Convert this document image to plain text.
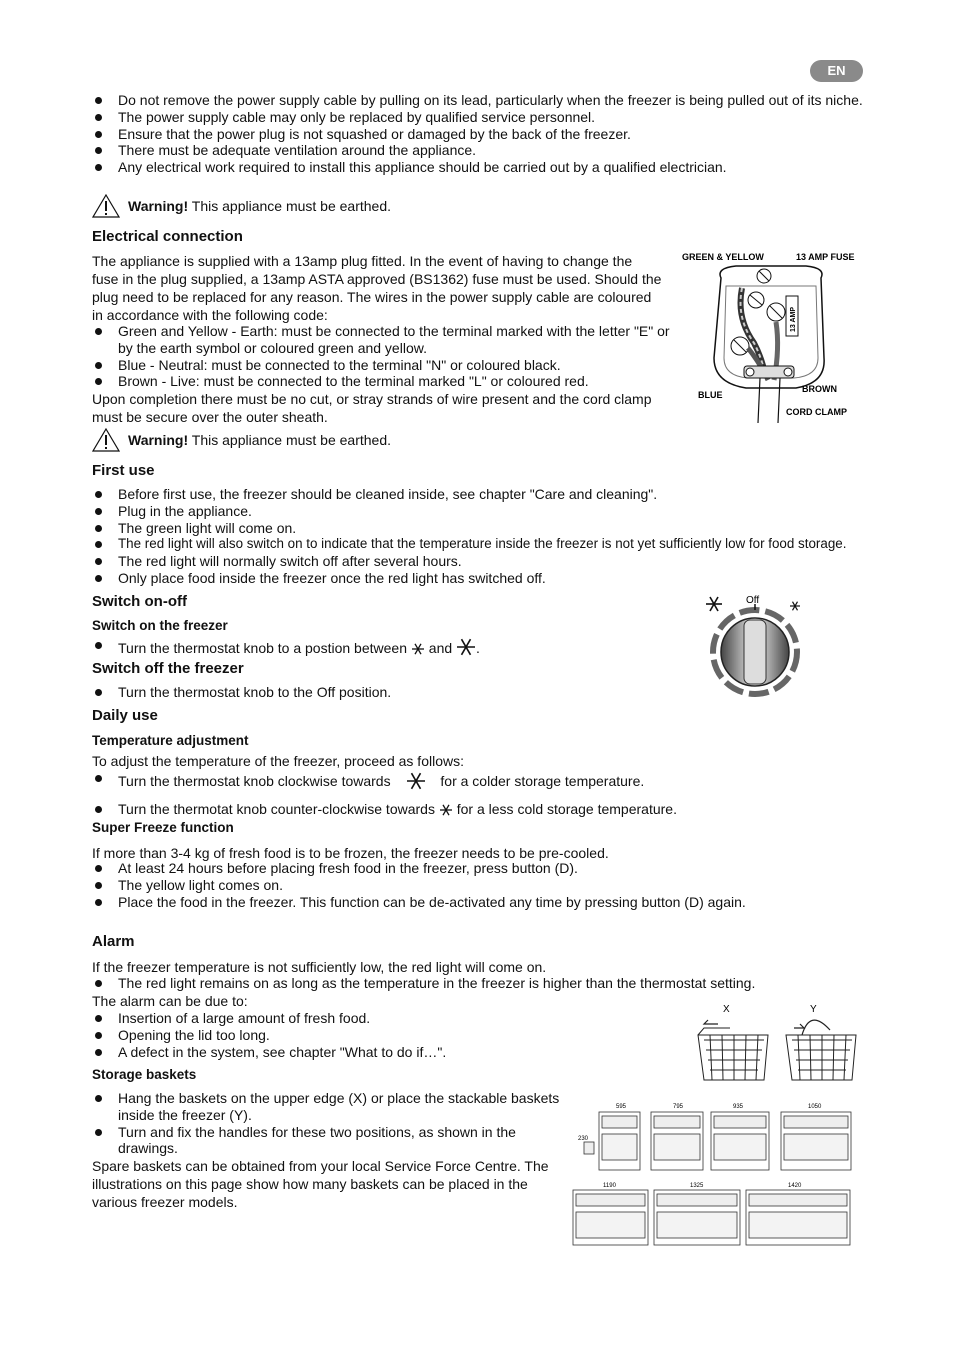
EN
Do not remove the power supply cable by pulling on its lead, particularly when the freezer is being pulled out of its niche.
The power supply cable may only be replaced by qualified service personnel.
Ensure that the power plug is not squashed or damaged by the back of the freezer.
There must be adequate ventilation around the appliance.
Any electrical work required to install this appliance should be carried out by a qualified electrician.
Warning! This appliance must be earthed.
Electrical connection

The appliance is supplied with a 13amp plug fitted. In the event of having to change the fuse in the plug supplied, a 13amp ASTA approved (BS1362) fuse must be used. Should the plug need to be replaced for any reason. The wires in the power supply cable are coloured in accordance with the following code:

Green and Yellow - Earth: must be connected to the terminal marked with the letter "E" or by the earth symbol or coloured green and yellow.
Blue - Neutral: must be connected to the terminal "N" or coloured black.
Brown - Live: must be connected to the terminal marked "L" or coloured red.

Upon completion there must be no cut, or stray strands of wire present and the cord clamp must be secure over the outer sheath.

GREEN & YELLOW	13 AMP FUSE
13 AMP
BLUE
BROWN
CORD CLAMP
Warning! This appliance must be earthed.
First use
Before first use, the freezer should be cleaned inside, see chapter "Care and cleaning".
Plug in the appliance.
The green light will come on.
The red light will also switch on to indicate that the temperature inside the freezer is not yet sufficiently low for food storage.
The red light will normally switch off after several hours.
Only place food inside the freezer once the red light has switched off.
Switch on-off
Switch on the freezer
Turn the thermostat knob to a postion between and .
Switch off the freezer
Turn the thermostat knob to the Off position.
Off
Daily use
Temperature adjustment

To adjust the temperature of the freezer, proceed as follows:

Turn the thermostat knob clockwise towards	for a colder storage temperature.
Turn the thermotat knob counter-clockwise towards for a less cold storage temperature.
Super Freeze function

If more than 3-4 kg of fresh food is to be frozen, the freezer needs to be pre-cooled.

At least 24 hours before placing fresh food in the freezer, press button (D).
The yellow light comes on.
Place the food in the freezer. This function can be de-activated any time by pressing button (D) again.
Alarm

If the freezer temperature is not sufficiently low, the red light will come on.

The red light remains on as long as the temperature in the freezer is higher than the thermostat setting.

The alarm can be due to:

Insertion of a large amount of fresh food.
Opening the lid too long.
A defect in the system, see chapter "What to do if…".
Storage baskets
Hang the baskets on the upper edge (X) or place the stackable baskets inside the freezer (Y).
Turn and fix the handles for these two positions, as shown in the drawings.

Spare baskets can be obtained from your local Service Force Centre. The illustrations on this page show how many baskets can be placed in the various freezer models.

X	Y
595	795	935	1050
230
1190	1325	1420
